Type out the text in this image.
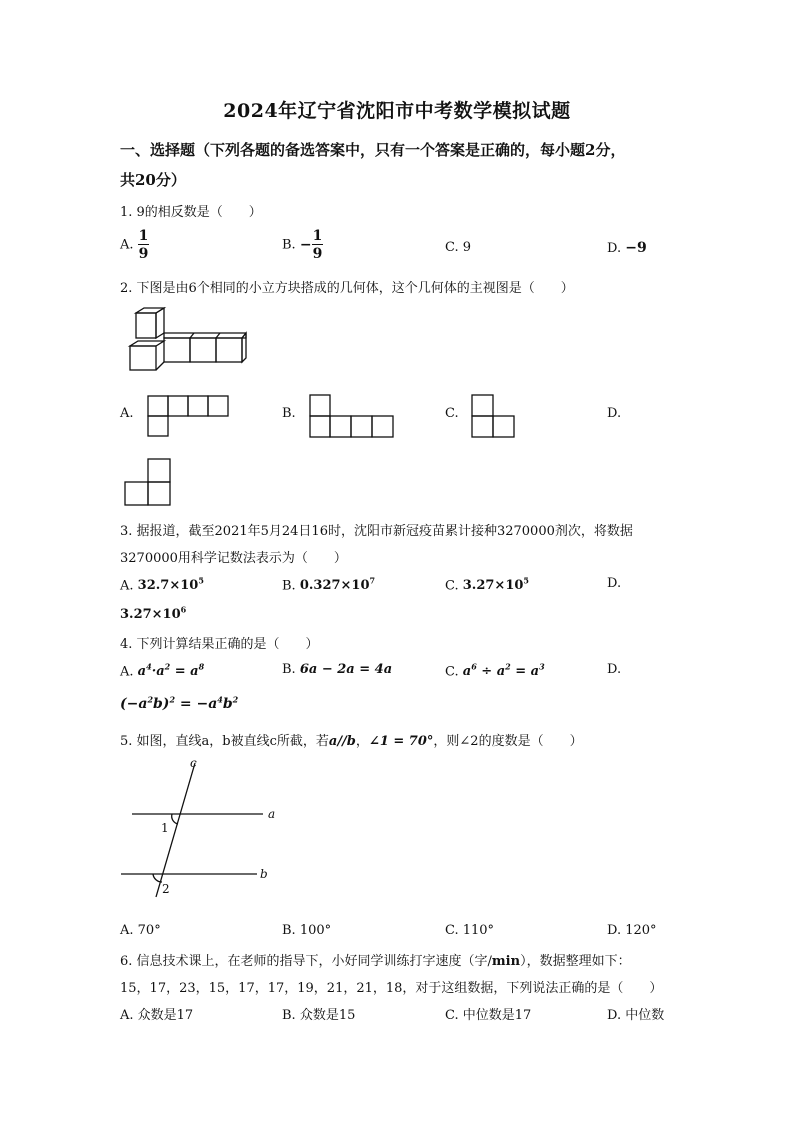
2024年辽宁省沈阳市中考数学模拟试题
一、选择题（下列各题的备选答案中，只有一个答案是正确的，每小题2分，
共20分）
1. 9的相反数是（　　）
A. $\frac{1}{9}$	B. − $\frac{1}{9}$	C. 9	D. −9
2. 下图是由6个相同的小立方块搭成的几何体，这个几何体的主视图是（　　）
A.	B.	C.	D.
3. 据报道，截至2021年5月24日16时，沈阳市新冠疫苗累计接种3270000剂次，将数据
3270000用科学记数法表示为（　　）
A. $32.7\times 10^5$	B. $0.327\times 10^7$	C. $3.27\times 10^5$	D.
$3.27\times 10^6$
4. 下列计算结果正确的是（　　）
A. $a^4\cdot a^2 = a^8$	B. 6a − 2a = 4a	C. $a^6 \div a^2 = a^3$	D.
$(-a^2b)^2 = -a^4b^2$
5. 如图，直线a，b被直线c所截，若a//b，∠1 = 70°，则∠2的度数是（　　）
c
a
b
1
2
A. 70°	B. 100°	C. 110°	D. 120°
6. 信息技术课上，在老师的指导下，小好同学训练打字速度（字/min），数据整理如下：
15，17，23，15，17，17，19，21，21，18，对于这组数据，下列说法正确的是（　　）
A. 众数是17	B. 众数是15	C. 中位数是17	D. 中位数
